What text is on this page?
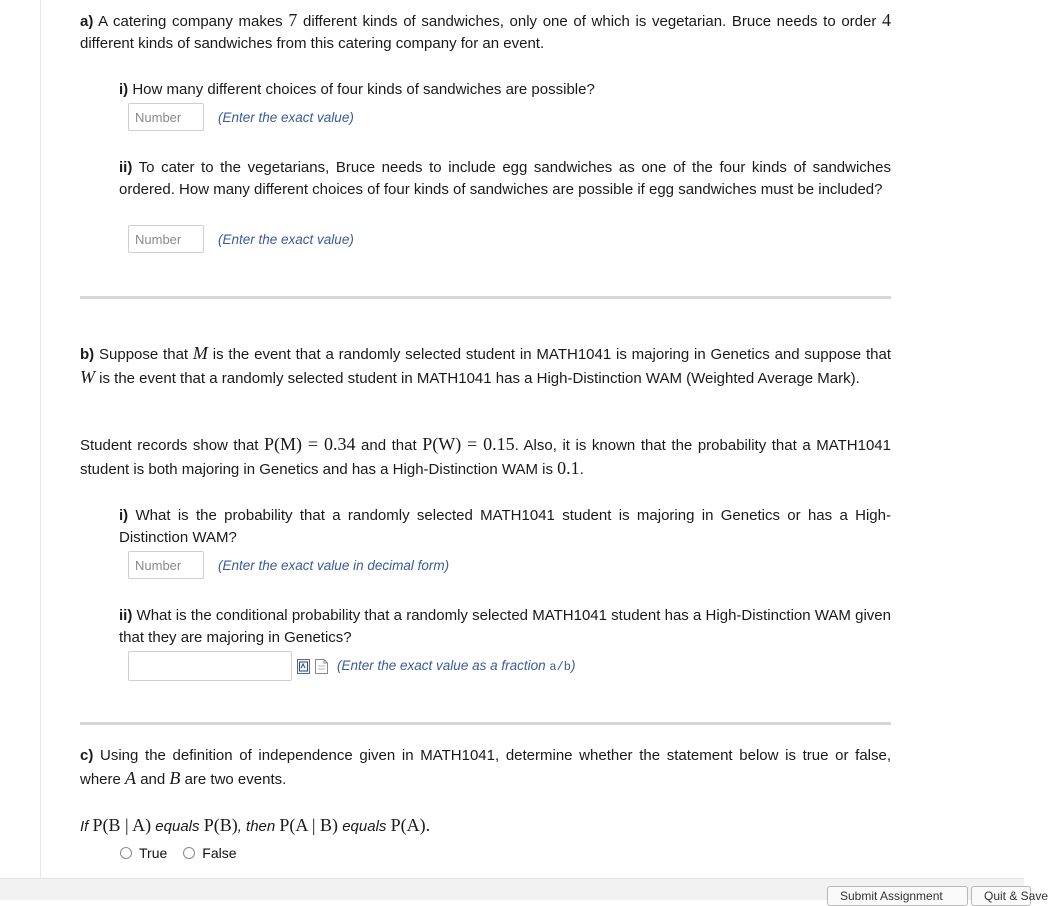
a) A catering company makes 7 different kinds of sandwiches, only one of which is vegetarian. Bruce needs to order 4 different kinds of sandwiches from this catering company for an event.

i) How many different choices of four kinds of sandwiches are possible?

Number
(Enter the exact value)

ii) To cater to the vegetarians, Bruce needs to include egg sandwiches as one of the four kinds of sandwiches ordered. How many different choices of four kinds of sandwiches are possible if egg sandwiches must be included?

Number
(Enter the exact value)

b) Suppose that M is the event that a randomly selected student in MATH1041 is majoring in Genetics and suppose that W is the event that a randomly selected student in MATH1041 has a High-Distinction WAM (Weighted Average Mark).

Student records show that P(M) = 0.34 and that P(W) = 0.15. Also, it is known that the probability that a MATH1041 student is both majoring in Genetics and has a High-Distinction WAM is 0.1.

i) What is the probability that a randomly selected MATH1041 student is majoring in Genetics or has a High-Distinction WAM?

Number
(Enter the exact value in decimal form)

ii) What is the conditional probability that a randomly selected MATH1041 student has a High-Distinction WAM given that they are majoring in Genetics?

(Enter the exact value as a fraction a/b)

c) Using the definition of independence given in MATH1041, determine whether the statement below is true or false, where A and B are two events.

If P(B | A) equals P(B), then P(A | B) equals P(A).

True	False
Submit Assignment	Quit & Save
